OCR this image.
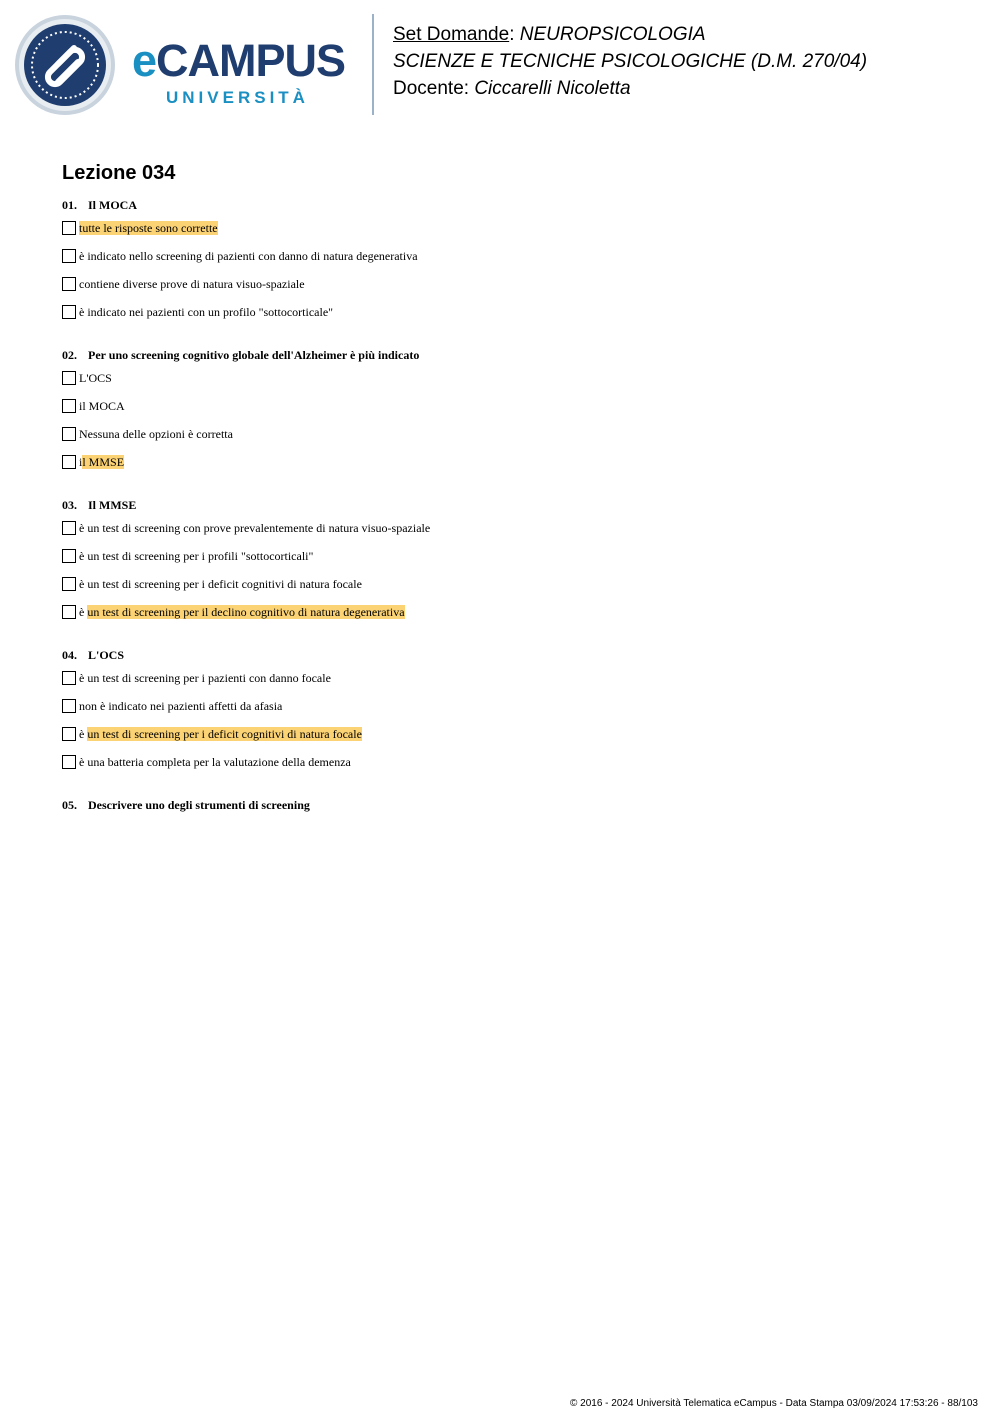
eCAMPUS
UNIVERSITÀ
Set Domande: NEUROPSICOLOGIA
SCIENZE E TECNICHE PSICOLOGICHE (D.M. 270/04)
Docente: Ciccarelli Nicoletta
Lezione 034
01. Il MOCA
tutte le risposte sono corrette
è indicato nello screening di pazienti con danno di natura degenerativa
contiene diverse prove di natura visuo-spaziale
è indicato nei pazienti con un profilo "sottocorticale"
02. Per uno screening cognitivo globale dell'Alzheimer è più indicato
L'OCS
il MOCA
Nessuna delle opzioni è corretta
il MMSE
03. Il MMSE
è un test di screening con prove prevalentemente di natura visuo-spaziale
è un test di screening per i profili "sottocorticali"
è un test di screening per i deficit cognitivi di natura focale
è un test di screening per il declino cognitivo di natura degenerativa
04. L'OCS
è un test di screening per i pazienti con danno focale
non è indicato nei pazienti affetti da afasia
è un test di screening per i deficit cognitivi di natura focale
è una batteria completa per la valutazione della demenza
05. Descrivere uno degli strumenti di screening
© 2016 - 2024 Università Telematica eCampus - Data Stampa 03/09/2024 17:53:26 - 88/103
